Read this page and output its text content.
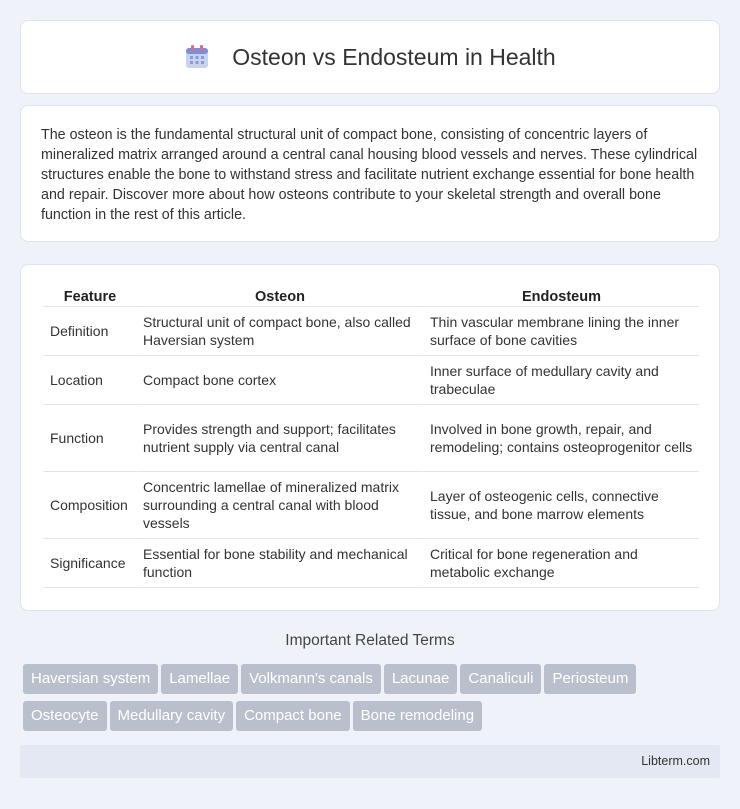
Osteon vs Endosteum in Health

The osteon is the fundamental structural unit of compact bone, consisting of concentric layers of mineralized matrix arranged around a central canal housing blood vessels and nerves. These cylindrical structures enable the bone to withstand stress and facilitate nutrient exchange essential for bone health and repair. Discover more about how osteons contribute to your skeletal strength and overall bone function in the rest of this article.

Feature	Osteon	Endosteum
Definition	Structural unit of compact bone, also called Haversian system	Thin vascular membrane lining the inner surface of bone cavities
Location	Compact bone cortex	Inner surface of medullary cavity and trabeculae
Function	Provides strength and support; facilitates nutrient supply via central canal	Involved in bone growth, repair, and remodeling; contains osteoprogenitor cells
Composition	Concentric lamellae of mineralized matrix surrounding a central canal with blood vessels	Layer of osteogenic cells, connective tissue, and bone marrow elements
Significance	Essential for bone stability and mechanical function	Critical for bone regeneration and metabolic exchange
Important Related Terms
Haversian system Lamellae Volkmann's canals Lacunae Canaliculi Periosteum
Osteocyte Medullary cavity Compact bone Bone remodeling
Libterm.com
